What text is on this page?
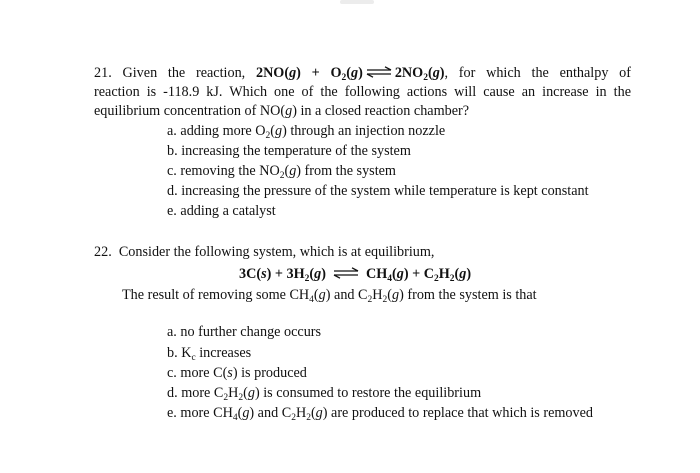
21. Given the reaction, $2NO(g) + O_2(g)$ ⇌ $2NO_2(g)$, for which the enthalpy of
reaction is -118.9 kJ. Which one of the following actions will cause an increase in the
equilibrium concentration of NO(g) in a closed reaction chamber?
a. adding more $O_2(g)$ through an injection nozzle
b. increasing the temperature of the system
c. removing the $NO_2(g)$ from the system
d. increasing the pressure of the system while temperature is kept constant
e. adding a catalyst
22. Consider the following system, which is at equilibrium,
$3C(s) + 3H_2(g)$ ⇌ $CH_4(g) + C_2H_2(g)$
The result of removing some $CH_4(g)$ and $C_2H_2(g)$ from the system is that
a. no further change occurs
b. $K_c$ increases
c. more C(s) is produced
d. more $C_2H_2(g)$ is consumed to restore the equilibrium
e. more $CH_4(g)$ and $C_2H_2(g)$ are produced to replace that which is removed
